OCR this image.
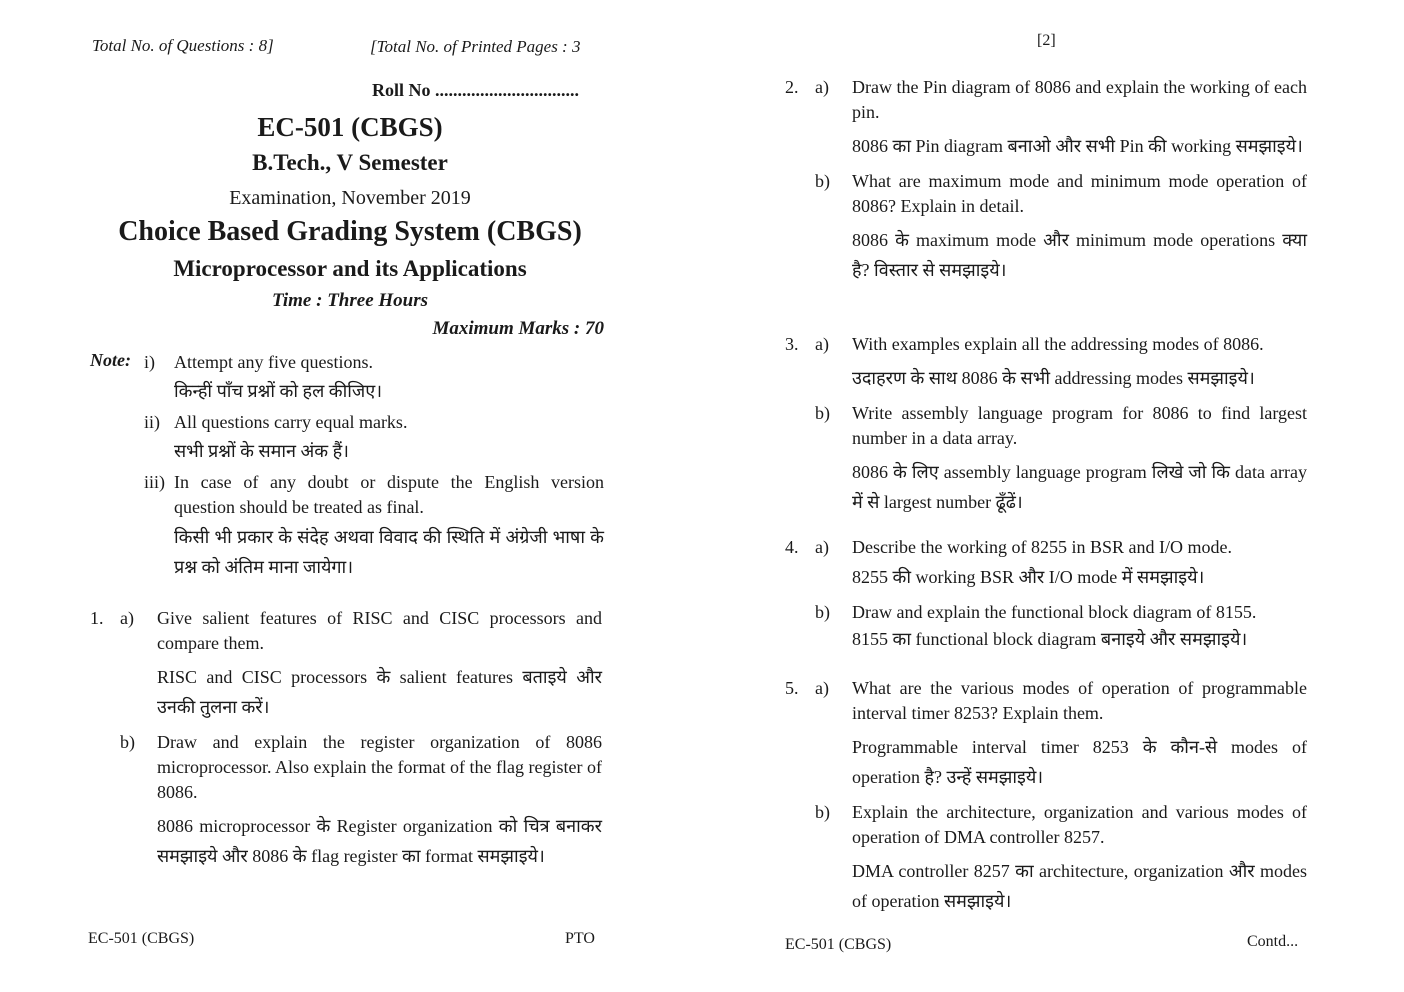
Total No. of Questions : 8]	[Total No. of Printed Pages : 3
Roll No ................................
EC-501 (CBGS)
B.Tech., V Semester
Examination, November 2019
Choice Based Grading System (CBGS)
Microprocessor and its Applications
Time : Three Hours
Maximum Marks : 70
Note: i)	Attempt any five questions.
किन्हीं पाँच प्रश्नों को हल कीजिए।
ii) All questions carry equal marks.
सभी प्रश्नों के समान अंक हैं।
iii) In case of any doubt or dispute the English version question should be treated as final.
किसी भी प्रकार के संदेह अथवा विवाद की स्थिति में अंग्रेजी भाषा के प्रश्न को अंतिम माना जायेगा।
1. a)	Give salient features of RISC and CISC processors and compare them.
RISC and CISC processors के salient features बताइये और उनकी तुलना करें।
b)	Draw and explain the register organization of 8086 microprocessor. Also explain the format of the flag register of 8086.
8086 microprocessor के Register organization को चित्र बनाकर समझाइये और 8086 के flag register का format समझाइये।
EC-501 (CBGS)	PTO
[2]
2. a)	Draw the Pin diagram of 8086 and explain the working of each pin.
8086 का Pin diagram बनाओ और सभी Pin की working समझाइये।
b)	What are maximum mode and minimum mode operation of 8086? Explain in detail.
8086 के maximum mode और minimum mode operations क्या है? विस्तार से समझाइये।
3. a)	With examples explain all the addressing modes of 8086.
उदाहरण के साथ 8086 के सभी addressing modes समझाइये।
b)	Write assembly language program for 8086 to find largest number in a data array.
8086 के लिए assembly language program लिखे जो कि data array में से largest number ढूँढें।
4. a)	Describe the working of 8255 in BSR and I/O mode.
8255 की working BSR और I/O mode में समझाइये।
b)	Draw and explain the functional block diagram of 8155.
8155 का functional block diagram बनाइये और समझाइये।
5. a)	What are the various modes of operation of programmable interval timer 8253? Explain them.
Programmable interval timer 8253 के कौन-से modes of operation है? उन्हें समझाइये।
b)	Explain the architecture, organization and various modes of operation of DMA controller 8257.
DMA controller 8257 का architecture, organization और modes of operation समझाइये।
EC-501 (CBGS)	Contd...
